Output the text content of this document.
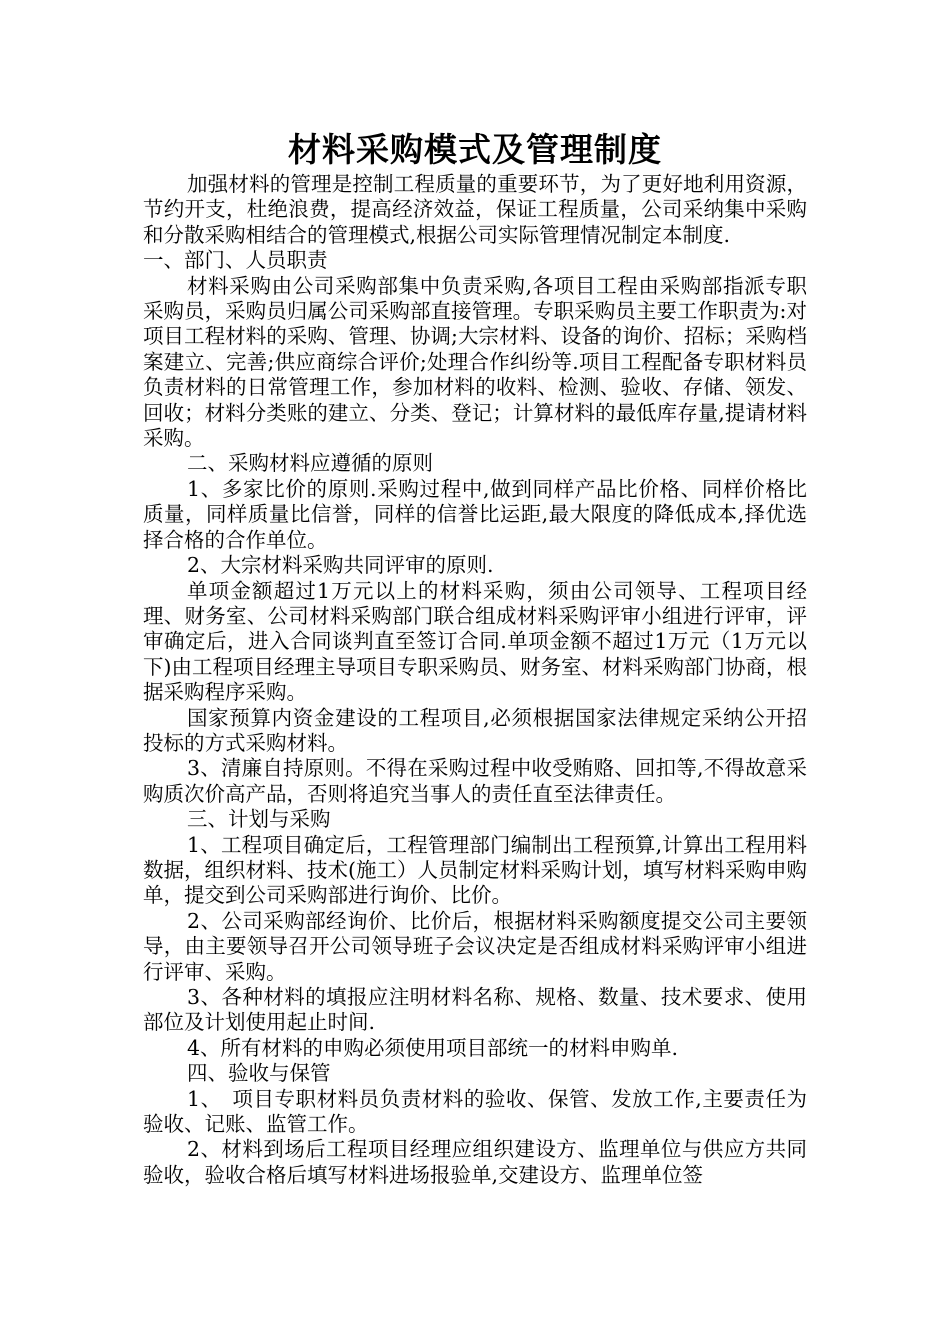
材料采购模式及管理制度

加强材料的管理是控制工程质量的重要环节，为了更好地利用资源，节约开支，杜绝浪费，提高经济效益，保证工程质量，公司采纳集中采购和分散采购相结合的管理模式,根据公司实际管理情况制定本制度.

一、部门、人员职责

材料采购由公司采购部集中负责采购,各项目工程由采购部指派专职采购员，采购员归属公司采购部直接管理。专职采购员主要工作职责为:对项目工程材料的采购、管理、协调;大宗材料、设备的询价、招标；采购档案建立、完善;供应商综合评价;处理合作纠纷等.项目工程配备专职材料员负责材料的日常管理工作，参加材料的收料、检测、验收、存储、领发、回收；材料分类账的建立、分类、登记；计算材料的最低库存量,提请材料采购。

二、采购材料应遵循的原则

1、多家比价的原则.采购过程中,做到同样产品比价格、同样价格比质量，同样质量比信誉，同样的信誉比运距,最大限度的降低成本,择优选择合格的合作单位。

2、大宗材料采购共同评审的原则.

单项金额超过1万元以上的材料采购，须由公司领导、工程项目经理、财务室、公司材料采购部门联合组成材料采购评审小组进行评审，评审确定后，进入合同谈判直至签订合同.单项金额不超过1万元（1万元以下)由工程项目经理主导项目专职采购员、财务室、材料采购部门协商，根据采购程序采购。

国家预算内资金建设的工程项目,必须根据国家法律规定采纳公开招投标的方式采购材料。

3、清廉自持原则。不得在采购过程中收受贿赂、回扣等,不得故意采购质次价高产品，否则将追究当事人的责任直至法律责任。

三、计划与采购

1、工程项目确定后，工程管理部门编制出工程预算,计算出工程用料数据，组织材料、技术(施工）人员制定材料采购计划，填写材料采购申购单，提交到公司采购部进行询价、比价。

2、公司采购部经询价、比价后，根据材料采购额度提交公司主要领导，由主要领导召开公司领导班子会议决定是否组成材料采购评审小组进行评审、采购。

3、各种材料的填报应注明材料名称、规格、数量、技术要求、使用部位及计划使用起止时间.

4、所有材料的申购必须使用项目部统一的材料申购单.

四、验收与保管

1、　项目专职材料员负责材料的验收、保管、发放工作,主要责任为验收、记账、监管工作。

2、材料到场后工程项目经理应组织建设方、监理单位与供应方共同验收，验收合格后填写材料进场报验单,交建设方、监理单位签
